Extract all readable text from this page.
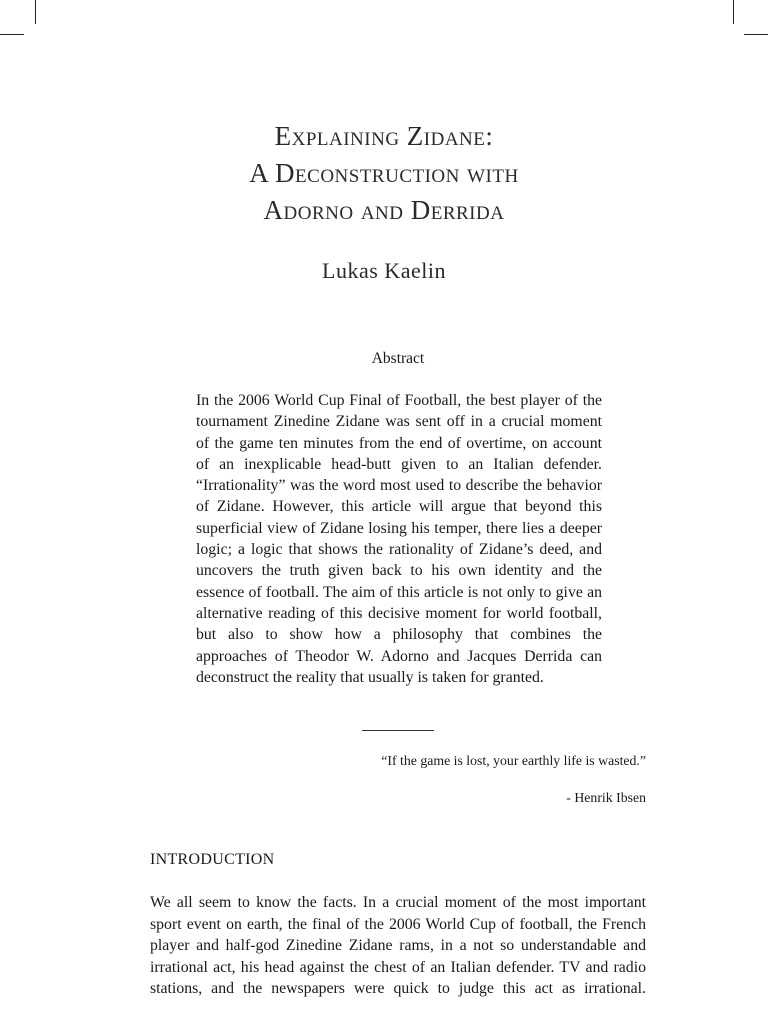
Explaining Zidane:
A Deconstruction with
Adorno and Derrida
Lukas Kaelin
Abstract
In the 2006 World Cup Final of Football, the best player of the tournament Zinedine Zidane was sent off in a crucial moment of the game ten minutes from the end of overtime, on account of an inexplicable head-butt given to an Italian defender. “Irrationality” was the word most used to describe the behavior of Zidane. However, this article will argue that beyond this superficial view of Zidane losing his temper, there lies a deeper logic; a logic that shows the rationality of Zidane’s deed, and uncovers the truth given back to his own identity and the essence of football. The aim of this article is not only to give an alternative reading of this decisive moment for world football, but also to show how a philosophy that combines the approaches of Theodor W. Adorno and Jacques Derrida can deconstruct the reality that usually is taken for granted.
“If the game is lost, your earthly life is wasted.”
- Henrik Ibsen
INTRODUCTION
We all seem to know the facts. In a crucial moment of the most important sport event on earth, the final of the 2006 World Cup of football, the French player and half-god Zinedine Zidane rams, in a not so understandable and irrational act, his head against the chest of an Italian defender. TV and radio stations, and the newspapers were quick to judge this act as irrational.
